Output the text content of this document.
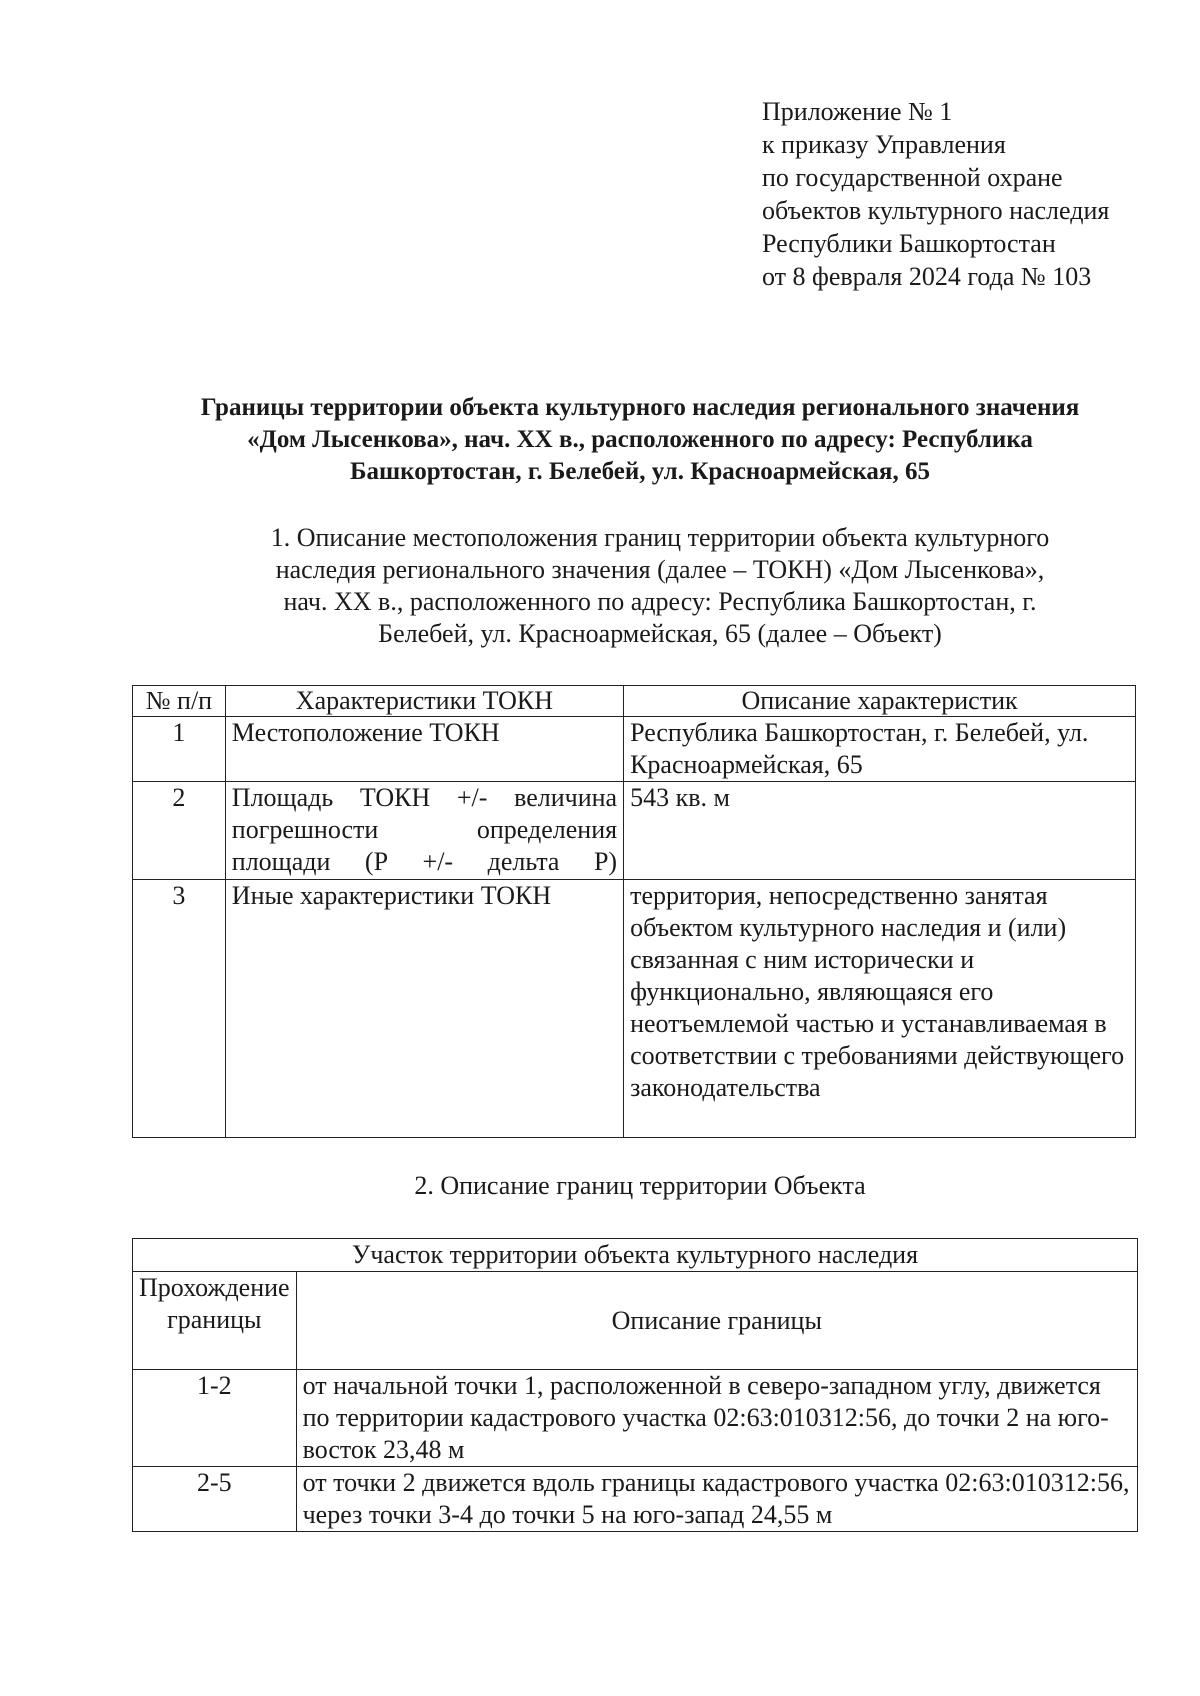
Приложение № 1
к приказу Управления
по государственной охране
объектов культурного наследия
Республики Башкортостан
от 8 февраля 2024 года № 103
Границы территории объекта культурного наследия регионального значения
«Дом Лысенкова», нач. XX в., расположенного по адресу: Республика
Башкортостан, г. Белебей, ул. Красноармейская, 65
1. Описание местоположения границ территории объекта культурного
наследия регионального значения (далее – ТОКН) «Дом Лысенкова»,
нач. XX в., расположенного по адресу: Республика Башкортостан, г.
Белебей, ул. Красноармейская, 65 (далее – Объект)
№ п/п	Характеристики ТОКН	Описание характеристик
1	Местоположение ТОКН	Республика Башкортостан, г. Белебей, ул. Красноармейская, 65
2	Площадь ТОКН +/- величина погрешности определения площади (Р +/- дельта Р)	543 кв. м
3	Иные характеристики ТОКН	территория, непосредственно занятая объектом культурного наследия и (или) связанная с ним исторически и функционально, являющаяся его неотъемлемой частью и устанавливаемая в соответствии с требованиями действующего законодательства
2. Описание границ территории Объекта
Участок территории объекта культурного наследия	
Прохождение границы	Описание границы
1-2	от начальной точки 1, расположенной в северо-западном углу, движется по территории кадастрового участка 02:63:010312:56, до точки 2 на юго-восток 23,48 м
2-5	от точки 2 движется вдоль границы кадастрового участка 02:63:010312:56, через точки 3-4 до точки 5 на юго-запад 24,55 м
